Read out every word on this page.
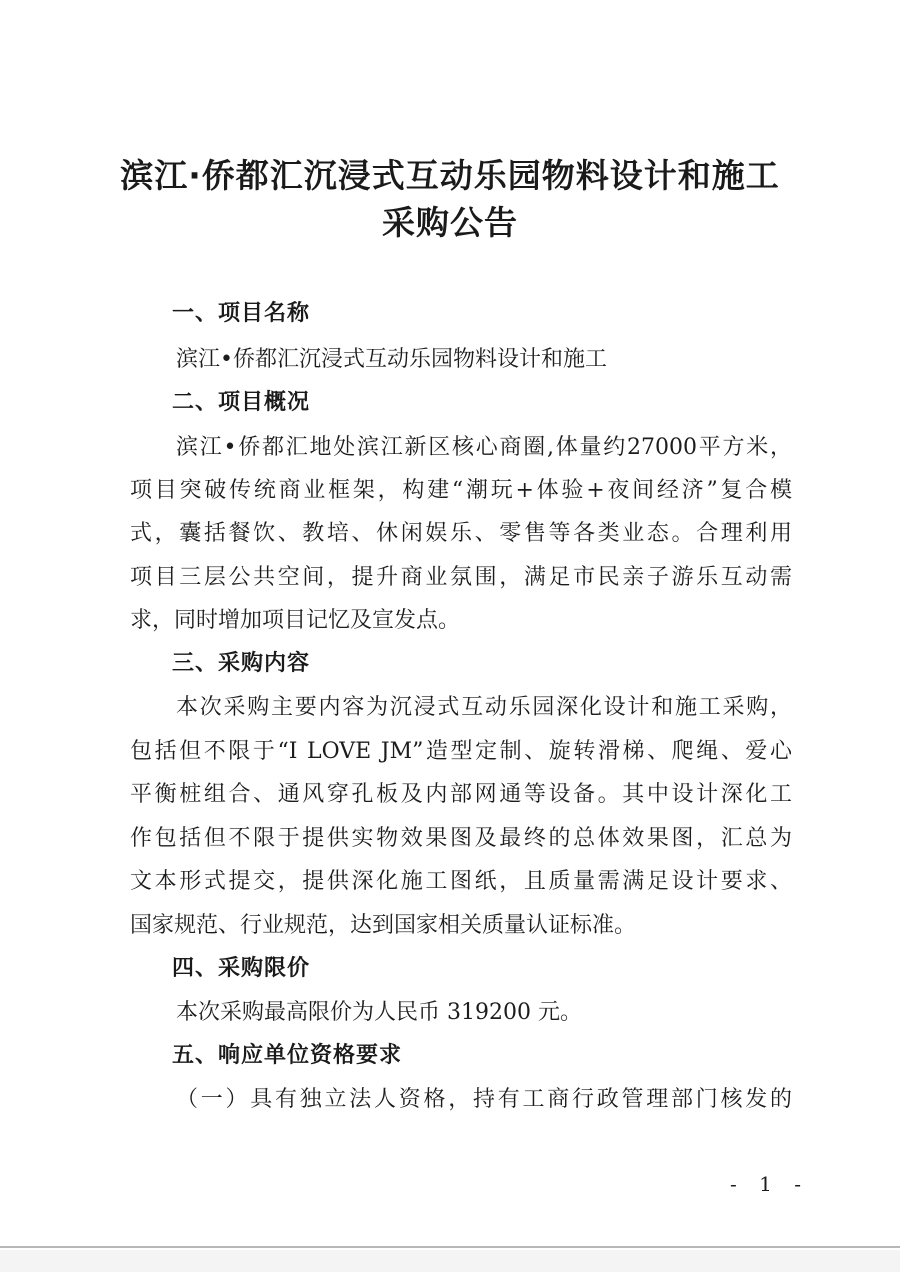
滨江·侨都汇沉浸式互动乐园物料设计和施工
采购公告
一、项目名称
滨江•侨都汇沉浸式互动乐园物料设计和施工
二、项目概况
滨江•侨都汇地处滨江新区核心商圈,体量约27000平方米，
项目突破传统商业框架，构建“潮玩+体验+夜间经济”复合模
式，囊括餐饮、教培、休闲娱乐、零售等各类业态。合理利用
项目三层公共空间，提升商业氛围，满足市民亲子游乐互动需
求，同时增加项目记忆及宣发点。
三、采购内容
本次采购主要内容为沉浸式互动乐园深化设计和施工采购，
包括但不限于“I LOVE JM”造型定制、旋转滑梯、爬绳、爱心
平衡桩组合、通风穿孔板及内部网通等设备。其中设计深化工
作包括但不限于提供实物效果图及最终的总体效果图，汇总为
文本形式提交，提供深化施工图纸，且质量需满足设计要求、
国家规范、行业规范，达到国家相关质量认证标准。
四、采购限价
本次采购最高限价为人民币 319200 元。
五、响应单位资格要求
（一）具有独立法人资格，持有工商行政管理部门核发的
- 1 -
